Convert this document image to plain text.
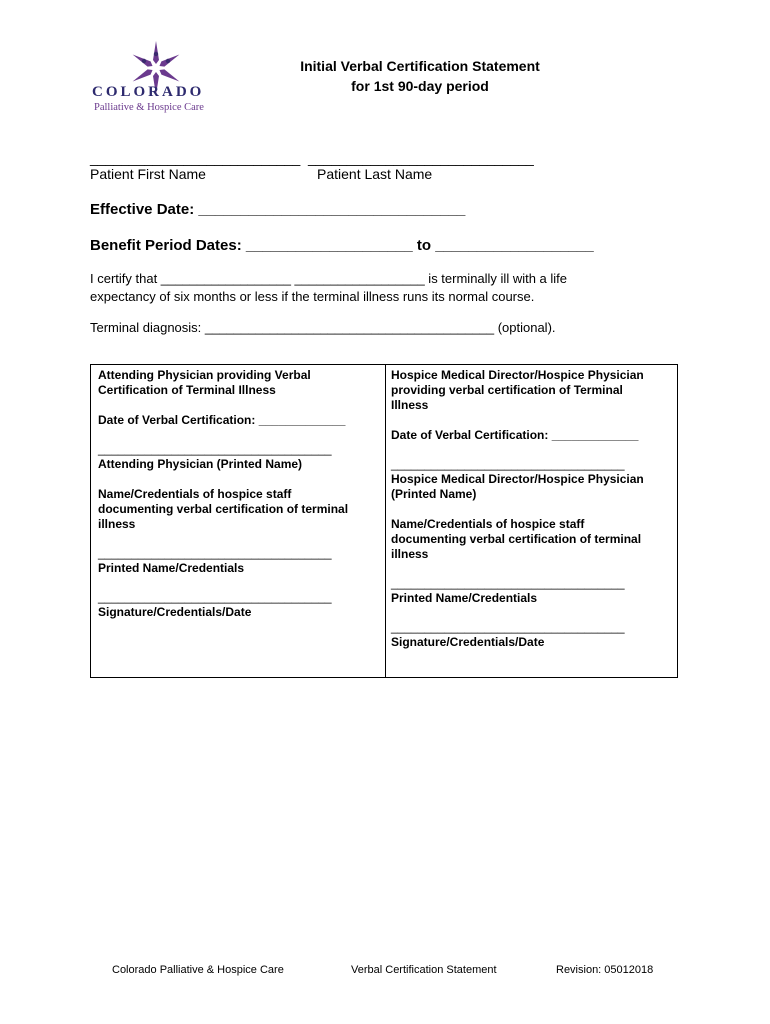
COLORADO
Palliative & Hospice Care
Initial Verbal Certification Statement
for 1st 90-day period
___________________________  _____________________________
Patient First Name	Patient Last Name
Effective Date: ________________________________
Benefit Period Dates: ____________________ to ___________________
I certify that __________________ __________________ is terminally ill with a life
expectancy of six months or less if the terminal illness runs its normal course.
Terminal diagnosis: ________________________________________ (optional).
Attending Physician providing Verbal
Certification of Terminal Illness
Date of Verbal Certification: _____________
___________________________________
Attending Physician (Printed Name)
Name/Credentials of hospice staff
documenting verbal certification of terminal
illness
___________________________________
Printed Name/Credentials
___________________________________
Signature/Credentials/Date
Hospice Medical Director/Hospice Physician
providing verbal certification of Terminal
Illness
Date of Verbal Certification: _____________
___________________________________
Hospice Medical Director/Hospice Physician
(Printed Name)
Name/Credentials of hospice staff
documenting verbal certification of terminal
illness
___________________________________
Printed Name/Credentials
___________________________________
Signature/Credentials/Date
Colorado Palliative & Hospice Care	Verbal Certification Statement	Revision: 05012018
